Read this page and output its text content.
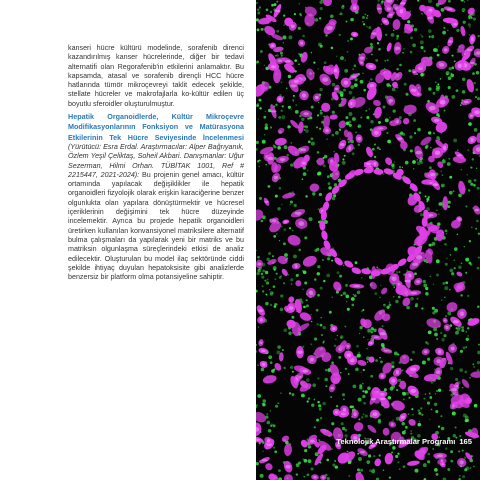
kanseri hücre kültürü modelinde, sorafenib direnci kazandırılmış kanser hücrelerinde, diğer bir tedavi alternatifi olan Regorafenib'in etkilerini anlamaktır. Bu kapsamda, atasal ve sorafenib dirençli HCC hücre hatlarında tümör mikroçevreyi taklit edecek şekilde, stellate hücreler ve makrofajlarla ko-kültür edilen üç boyutlu sferoidler oluşturulmuştur.

Hepatik Organoidlerde, Kültür Mikroçevre Modifikasyonlarının Fonksiyon ve Matürasyona Etkilerinin Tek Hücre Seviyesinde İncelenmesi (Yürütücü: Esra Erdal. Araştırmacılar: Alper Bağrıyanık, Özlem Yeşil Çeliktaş, Soheil Akbari. Danışmanlar: Uğur Sezerman, Hilmi Orhan. TÜBİTAK 1001, Ref # 2215447, 2021-2024): Bu projenin genel amacı, kültür ortamında yapılacak değişiklikler ile hepatik organoidleri fizyolojik olarak erişkin karaciğerine benzer olgunlukta olan yapılara dönüştürmektir ve hücresel içeriklerinin değişimini tek hücre düzeyinde incelemektir. Ayrıca bu projede hepatik organoidleri üretirken kullanılan konvansiyonel matriksilere alternatif bulma çalışmaları da yapılarak yeni bir matriks ve bu matriksin olgunlaşma süreçlerindeki etkisi de analiz edilecektir. Oluşturulan bu model ilaç sektöründe ciddi şekilde ihtiyaç duyulan hepatoksisite gibi analizlerde benzersiz bir platform olma potansiyeline sahiptir.

Teknolojik Araştırmalar Programı 165
